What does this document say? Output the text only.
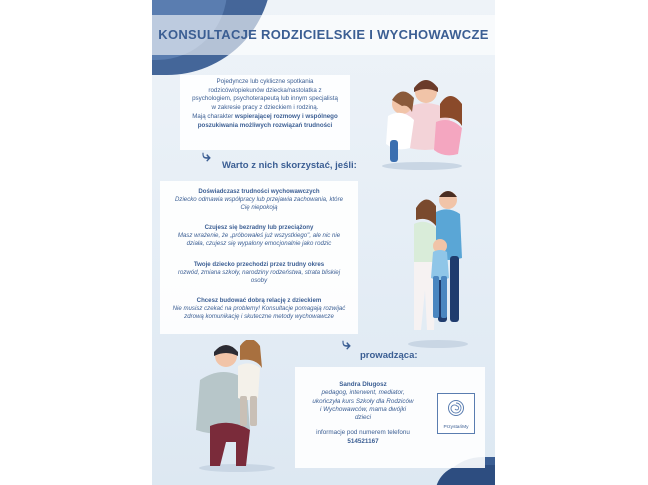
KONSULTACJE RODZICIELSKIE I WYCHOWAWCZE
Pojedyncze lub cykliczne spotkania
rodziców/opiekunów dziecka/nastolatka z
psychologiem, psychoterapeutą lub innym specjalistą
w zakresie pracy z dzieckiem i rodziną.
Mają charakter wspierającej rozmowy i wspólnego
poszukiwania możliwych rozwiązań trudności
⤷
Warto z nich skorzystać, jeśli:
Doświadczasz trudności wychowawczych
Dziecko odmawia współpracy lub przejawia zachowania, które
Cię niepokoją
Czujesz się bezradny lub przeciążony
Masz wrażenie, że „próbowałeś już wszystkiego", ale nic nie
działa, czujesz się wypalony emocjonalnie jako rodzic
Twoje dziecko przechodzi przez trudny okres
rozwód, zmiana szkoły, narodziny rodzeństwa, strata bliskiej
osoby
Chcesz budować dobrą relację z dzieckiem
Nie musisz czekać na problemy! Konsultacje pomagają rozwijać
zdrową komunikację i skuteczne metody wychowawcze
⤷
prowadząca:
Sandra Długosz
pedagog, interwent, mediator,
ukończyła kurs Szkoły dla Rodziców
i Wychowawców, mama dwójki
dzieci
informacje pod numerem telefonu
514521167
PrzystańMy
